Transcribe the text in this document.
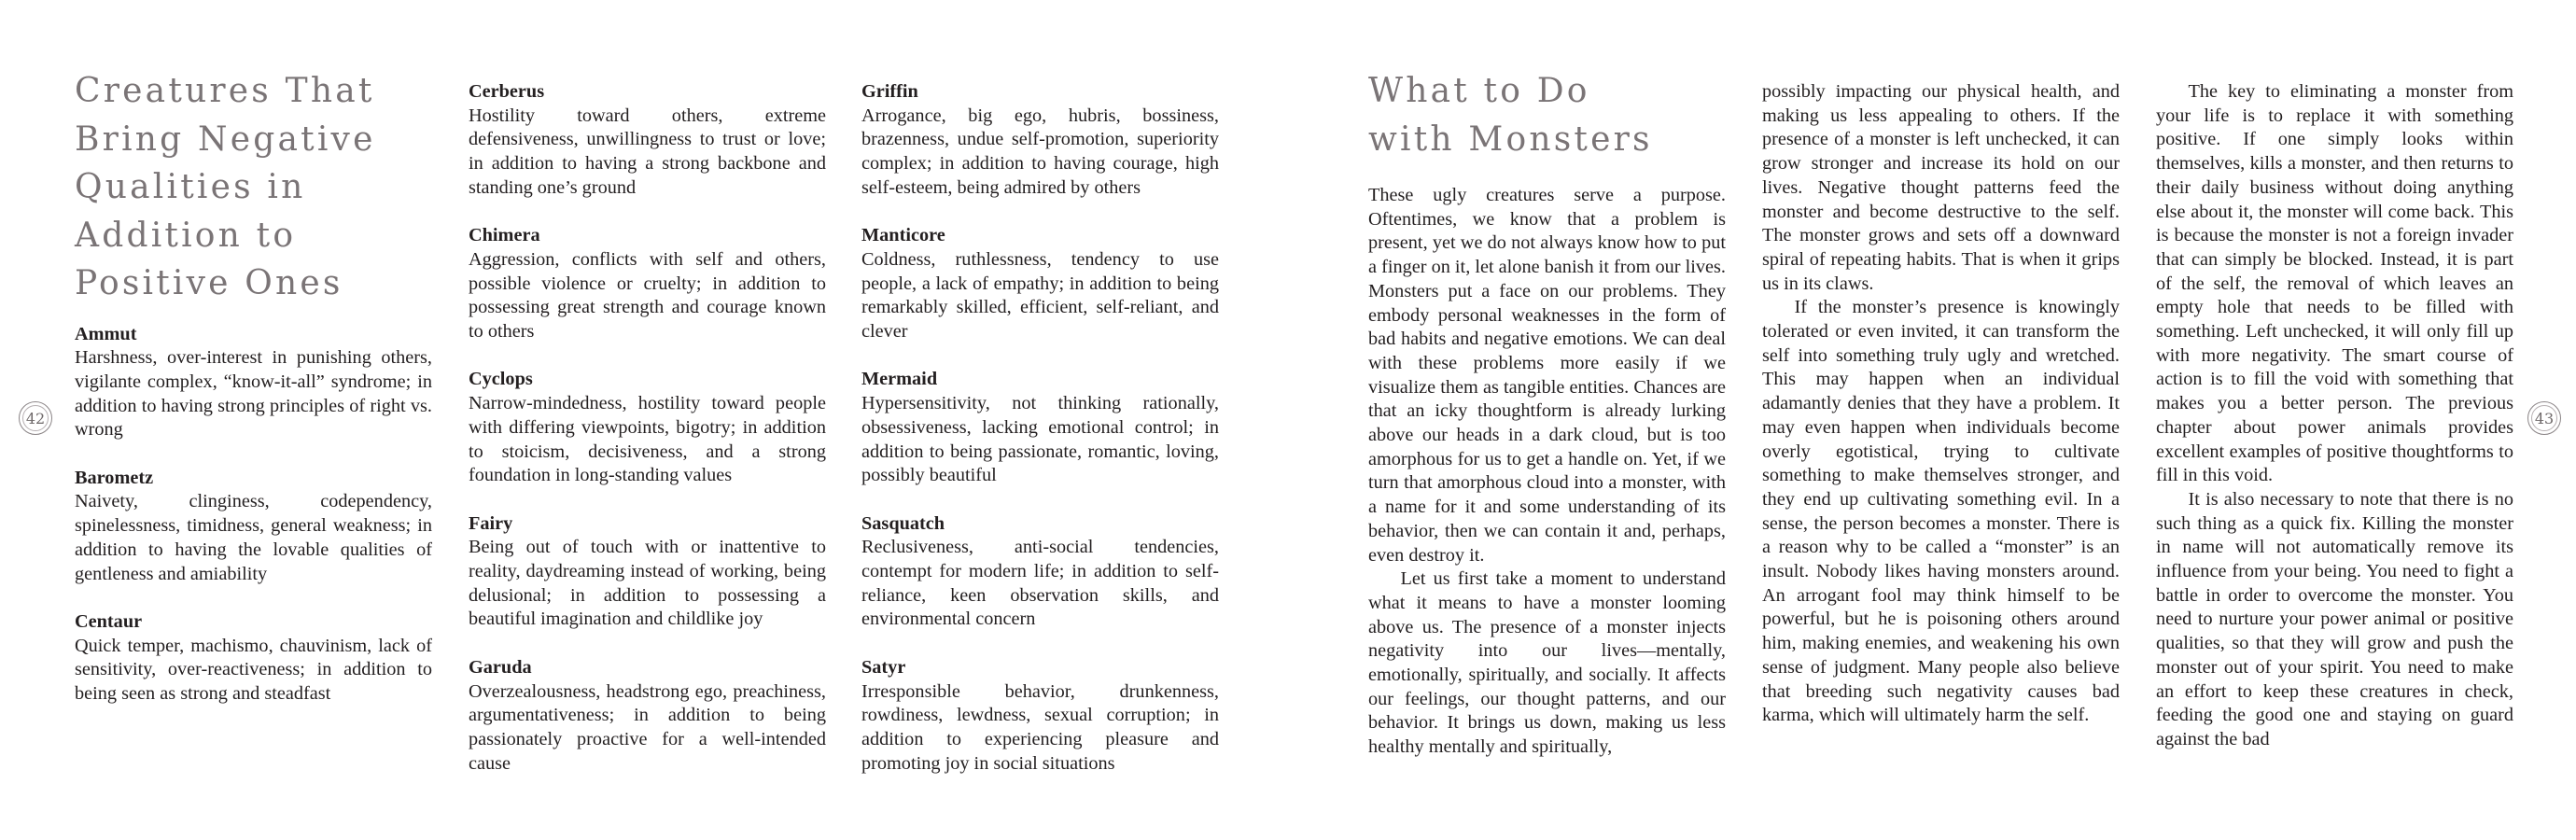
Creatures That Bring Negative Qualities in Addition to Positive Ones
Ammut
Harshness, over-interest in punishing others, vigilante complex, “know-it-all” syndrome; in addition to having strong principles of right vs. wrong
Barometz
Naivety, clinginess, codependency, spinelessness, timidness, general weakness; in addition to having the lovable qualities of gentleness and amiability
Centaur
Quick temper, machismo, chauvinism, lack of sensitivity, over-reactiveness; in addition to being seen as strong and steadfast
Cerberus
Hostility toward others, extreme defensiveness, unwillingness to trust or love; in addition to having a strong backbone and standing one’s ground
Chimera
Aggression, conflicts with self and others, possible violence or cruelty; in addition to possessing great strength and courage known to others
Cyclops
Narrow-mindedness, hostility toward people with differing viewpoints, bigotry; in addition to stoicism, decisiveness, and a strong foundation in long-standing values
Fairy
Being out of touch with or inattentive to reality, daydreaming instead of working, being delusional; in addition to possessing a beautiful imagination and childlike joy
Garuda
Overzealousness, headstrong ego, preachiness, argumentativeness; in addition to being passionately proactive for a well-intended cause
Griffin
Arrogance, big ego, hubris, bossiness, brazenness, undue self-promotion, superiority complex; in addition to having courage, high self-esteem, being admired by others
Manticore
Coldness, ruthlessness, tendency to use people, a lack of empathy; in addition to being remarkably skilled, efficient, self-reliant, and clever
Mermaid
Hypersensitivity, not thinking rationally, obsessiveness, lacking emotional control; in addition to being passionate, romantic, loving, possibly beautiful
Sasquatch
Reclusiveness, anti-social tendencies, contempt for modern life; in addition to self-reliance, keen observation skills, and environmental concern
Satyr
Irresponsible behavior, drunkenness, rowdiness, lewdness, sexual corruption; in addition to experiencing pleasure and promoting joy in social situations
42
What to Do with Monsters

These ugly creatures serve a purpose. Oftentimes, we know that a problem is present, yet we do not always know how to put a finger on it, let alone banish it from our lives. Monsters put a face on our problems. They embody personal weaknesses in the form of bad habits and negative emotions. We can deal with these problems more easily if we visualize them as tangible entities. Chances are that an icky thoughtform is already lurking above our heads in a dark cloud, but is too amorphous for us to get a handle on. Yet, if we turn that amorphous cloud into a monster, with a name for it and some understanding of its behavior, then we can contain it and, perhaps, even destroy it.

Let us first take a moment to understand what it means to have a monster looming above us. The presence of a monster injects negativity into our lives—mentally, emotionally, spiritually, and socially. It affects our feelings, our thought patterns, and our behavior. It brings us down, making us less healthy mentally and spiritually,

possibly impacting our physical health, and making us less appealing to others. If the presence of a monster is left unchecked, it can grow stronger and increase its hold on our lives. Negative thought patterns feed the monster and become destructive to the self. The monster grows and sets off a downward spiral of repeating habits. That is when it grips us in its claws.

If the monster’s presence is knowingly tolerated or even invited, it can transform the self into something truly ugly and wretched. This may happen when an individual adamantly denies that they have a problem. It may even happen when individuals become overly egotistical, trying to cultivate something to make themselves stronger, and they end up cultivating something evil. In a sense, the person becomes a monster. There is a reason why to be called a “monster” is an insult. Nobody likes having monsters around. An arrogant fool may think himself to be powerful, but he is poisoning others around him, making enemies, and weakening his own sense of judgment. Many people also believe that breeding such negativity causes bad karma, which will ultimately harm the self.

The key to eliminating a monster from your life is to replace it with something positive. If one simply looks within themselves, kills a monster, and then returns to their daily business without doing anything else about it, the monster will come back. This is because the monster is not a foreign invader that can simply be blocked. Instead, it is part of the self, the removal of which leaves an empty hole that needs to be filled with something. Left unchecked, it will only fill up with more negativity. The smart course of action is to fill the void with something that makes you a better person. The previous chapter about power animals provides excellent examples of positive thoughtforms to fill in this void.

It is also necessary to note that there is no such thing as a quick fix. Killing the monster in name will not automatically remove its influence from your being. You need to fight a battle in order to overcome the monster. You need to nurture your power animal or positive qualities, so that they will grow and push the monster out of your spirit. You need to make an effort to keep these creatures in check, feeding the good one and staying on guard against the bad

43
